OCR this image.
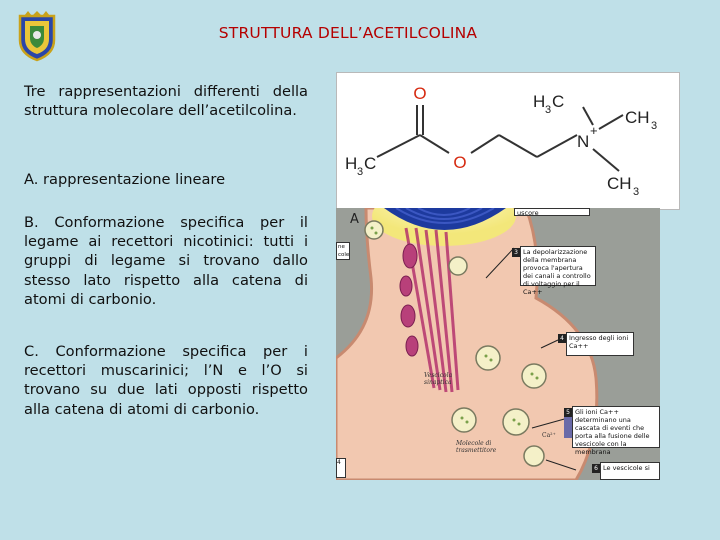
STRUTTURA DELL’ACETILCOLINA
Tre rappresentazioni differenti della struttura molecolare dell’acetilcolina.
A. rappresentazione lineare
B. Conformazione specifica per il legame ai recettori nicotinici: tutti i gruppi di legame si trovano dallo stesso lato rispetto alla catena di atomi di carbonio.
C. Conformazione specifica per i recettori muscarinici; l’N e l’O si trovano su due lati opposti rispetto alla catena di atomi di carbonio.
O
O
H 3 C
H 3 C
CH 3
CH 3
N
+
A	uscore
ne
cole	3 La depolarizzazione della membrana provoca l'apertura dei canali a controllo di voltaggio per il Ca++
4 Ingresso degli ioni Ca++
5 Gli ioni Ca++ determinano una cascata di eventi che porta alla fusione delle vescicole con la membrana
6 Le vescicole si
Vescicola sinaptica
Molecole di trasmettitore
Ca²⁺
4
